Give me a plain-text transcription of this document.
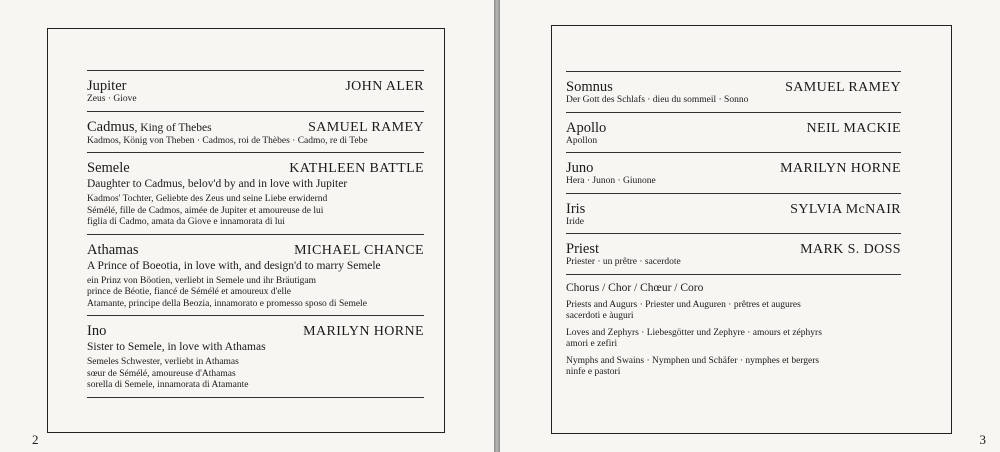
Jupiter	JOHN ALER
Zeus · Giove
Cadmus, King of Thebes	SAMUEL RAMEY
Kadmos, König von Theben · Cadmos, roi de Thèbes · Cadmo, re di Tebe
Semele	KATHLEEN BATTLE
Daughter to Cadmus, belov'd by and in love with Jupiter
Kadmos' Tochter, Geliebte des Zeus und seine Liebe erwidernd
Sémélé, fille de Cadmos, aimée de Jupiter et amoureuse de lui
figlia di Cadmo, amata da Giove e innamorata di lui
Athamas	MICHAEL CHANCE
A Prince of Boeotia, in love with, and design'd to marry Semele
ein Prinz von Böotien, verliebt in Semele und ihr Bräutigam
prince de Béotie, fiancé de Sémélé et amoureux d'elle
Atamante, principe della Beozia, innamorato e promesso sposo di Semele
Ino	MARILYN HORNE
Sister to Semele, in love with Athamas
Semeles Schwester, verliebt in Athamas
sœur de Sémélé, amoureuse d'Athamas
sorella di Semele, innamorata di Atamante
2	3
Somnus	SAMUEL RAMEY
Der Gott des Schlafs · dieu du sommeil · Sonno
Apollo	NEIL MACKIE
Apollon
Juno	MARILYN HORNE
Hera · Junon · Giunone
Iris	SYLVIA McNAIR
Iride
Priest	MARK S. DOSS
Priester · un prêtre · sacerdote
Chorus / Chor / Chœur / Coro
Priests and Augurs · Priester und Auguren · prêtres et augures
sacerdoti e àuguri
Loves and Zephyrs · Liebesgötter und Zephyre · amours et zéphyrs
amori e zefiri
Nymphs and Swains · Nymphen und Schäfer · nymphes et bergers
ninfe e pastori
